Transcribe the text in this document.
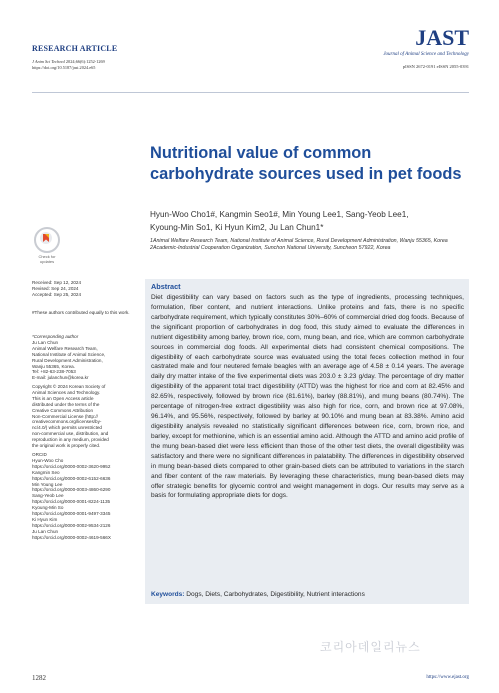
RESEARCH ARTICLE
J Anim Sci Technol 2024;66(6):1252-1269
https://doi.org/10.5187/jast.2024.e65
JAST
Journal of Animal Science and Technology
pISSN 2672-0191 eISSN 2055-0391
Nutritional value of common carbohydrate sources used in pet foods
Hyun-Woo Cho1#, Kangmin Seo1#, Min Young Lee1, Sang-Yeob Lee1,
Kyoung-Min So1, Ki Hyun Kim2, Ju Lan Chun1*
1Animal Welfare Research Team, National Institute of Animal Science, Rural Development Administration, Wanju 55365, Korea
2Academic-Industrial Cooperation Organization, Sunchon National University, Suncheon 57922, Korea
Check for updates
Received: Sep 12, 2024
Revised: Sep 24, 2024
Accepted: Sep 25, 2024
#These authors contributed equally to this work.
*Corresponding author
Ju Lan Chun
Animal Welfare Research Team,
National Institute of Animal Science,
Rural Development Administration,
Wanju 55365, Korea.
Tel: +82-63-238-7053
E-mail: julanchun@korea.kr
Copyright © 2024 Korean Society of
Animal Sciences and Technology.
This is an Open Access article
distributed under the terms of the
Creative Commons Attribution
Non-Commercial License (http://
creativecommons.org/licenses/by-
nc/4.0/) which permits unrestricted
non-commercial use, distribution, and
reproduction in any medium, provided
the original work is properly cited.
ORCID
Hyun-Woo Cho
https://orcid.org/0000-0002-3620-9952
Kangmin Seo
https://orcid.org/0000-0002-6152-6636
Min Young Lee
https://orcid.org/0000-0003-4860-6290
Sang-Yeob Lee
https://orcid.org/0000-0001-8224-1135
Kyoung-Min So
https://orcid.org/0000-0001-9497-3345
Ki Hyun Kim
https://orcid.org/0000-0002-9534-2126
Ju Lan Chun
https://orcid.org/0000-0002-4619-566X
Abstract
Diet digestibility can vary based on factors such as the type of ingredients, processing techniques, formulation, fiber content, and nutrient interactions. Unlike proteins and fats, there is no specific carbohydrate requirement, which typically constitutes 30%–60% of commercial dried dog foods. Because of the significant proportion of carbohydrates in dog food, this study aimed to evaluate the differences in nutrient digestibility among barley, brown rice, corn, mung bean, and rice, which are common carbohydrate sources in commercial dog foods. All experimental diets had consistent chemical compositions. The digestibility of each carbohydrate source was evaluated using the total feces collection method in four castrated male and four neutered female beagles with an average age of 4.58 ± 0.14 years. The average daily dry matter intake of the five experimental diets was 203.0 ± 3.23 g/day. The percentage of dry matter digestibility of the apparent total tract digestibility (ATTD) was the highest for rice and corn at 82.45% and 82.65%, respectively, followed by brown rice (81.61%), barley (88.81%), and mung beans (80.74%). The percentage of nitrogen-free extract digestibility was also high for rice, corn, and brown rice at 97.08%, 96.14%, and 95.56%, respectively, followed by barley at 90.10% and mung bean at 83.38%. Amino acid digestibility analysis revealed no statistically significant differences between rice, corn, brown rice, and barley, except for methionine, which is an essential amino acid. Although the ATTD and amino acid profile of the mung bean-based diet were less efficient than those of the other test diets, the overall digestibility was satisfactory and there were no significant differences in palatability. The differences in digestibility observed in mung bean-based diets compared to other grain-based diets can be attributed to variations in the starch and fiber content of the raw materials. By leveraging these characteristics, mung bean-based diets may offer strategic benefits for glycemic control and weight management in dogs. Our results may serve as a basis for formulating appropriate diets for dogs.
Keywords: Dogs, Diets, Carbohydrates, Digestibility, Nutrient interactions
코리아데일리뉴스
1282	https://www.ejast.org
